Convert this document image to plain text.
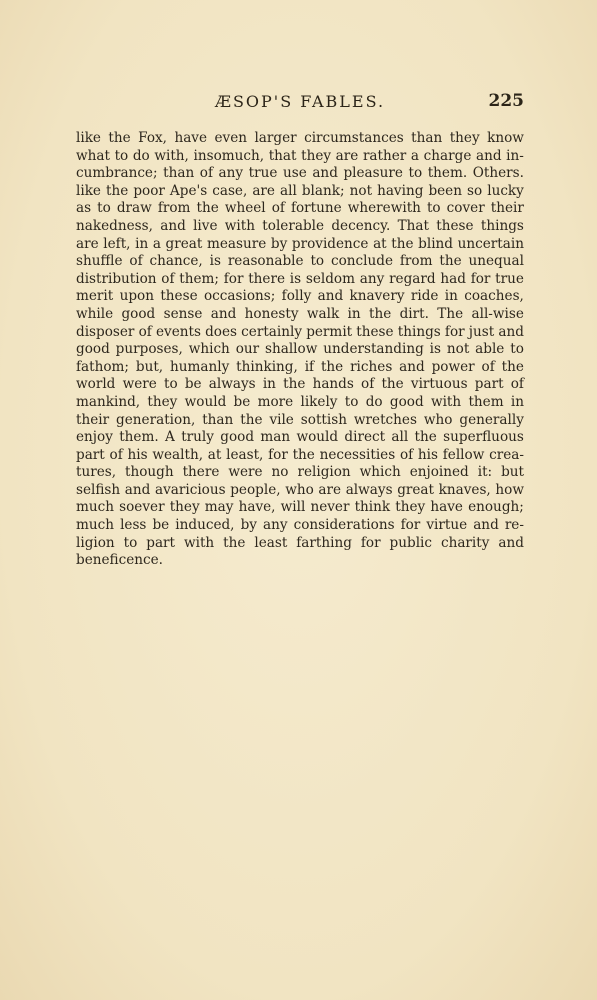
ÆSOP'S FABLES.	225
like the Fox, have even larger circumstances than they know
what to do with, insomuch, that they are rather a charge and in-
cumbrance; than of any true use and pleasure to them. Others.
like the poor Ape's case, are all blank; not having been so lucky
as to draw from the wheel of fortune wherewith to cover their
nakedness, and live with tolerable decency. That these things
are left, in a great measure by providence at the blind uncertain
shuffle of chance, is reasonable to conclude from the unequal
distribution of them; for there is seldom any regard had for true
merit upon these occasions; folly and knavery ride in coaches,
while good sense and honesty walk in the dirt. The all-wise
disposer of events does certainly permit these things for just and
good purposes, which our shallow understanding is not able to
fathom; but, humanly thinking, if the riches and power of the
world were to be always in the hands of the virtuous part of
mankind, they would be more likely to do good with them in
their generation, than the vile sottish wretches who generally
enjoy them. A truly good man would direct all the superfluous
part of his wealth, at least, for the necessities of his fellow crea-
tures, though there were no religion which enjoined it: but
selfish and avaricious people, who are always great knaves, how
much soever they may have, will never think they have enough;
much less be induced, by any considerations for virtue and re-
ligion to part with the least farthing for public charity and
beneficence.
